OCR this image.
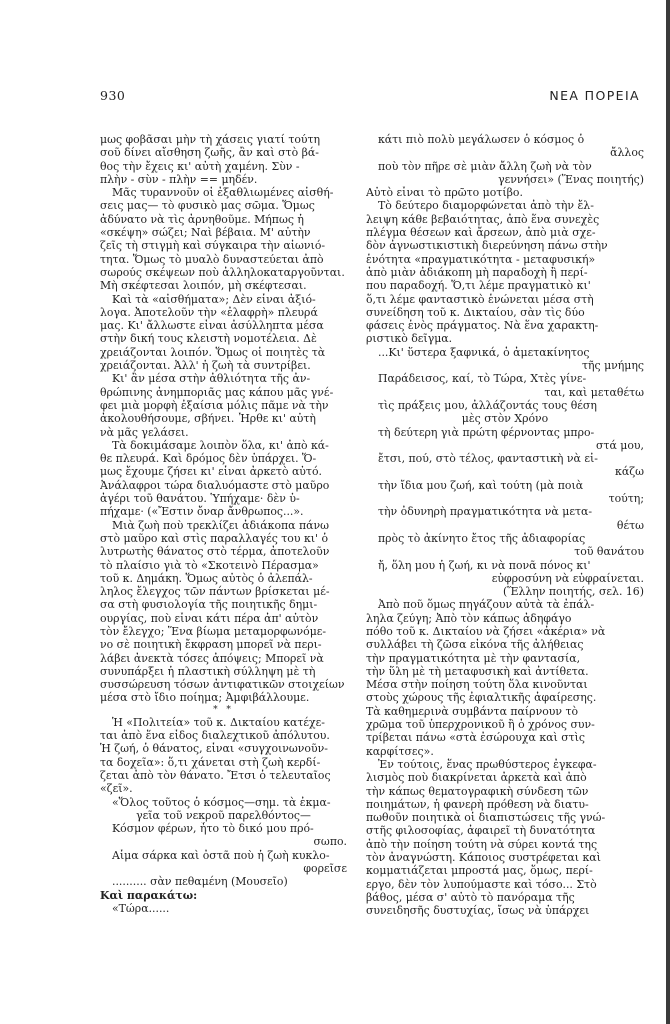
930	ΝΕΑ ΠΟΡΕΙΑ

μως φοβᾶσαι μὴν τὴ χάσεις γιατί τούτη

σοῦ δίνει αἴσθηση ζωῆς, ἂν καὶ στὸ βά-

θος τὴν ἔχεις κι' αὐτὴ χαμένη. Σὺν -

πλὴν - σὺν - πλὴν == μηδέν.

Μᾶς τυραννοῦν οἱ ἐξαθλιωμένες αἰσθή-

σεις μας— τὸ φυσικὸ μας σῶμα. Ὅμως

ἀδύνατο νὰ τὶς ἀρνηθοῦμε. Μήπως ἡ

«σκέψη» σώζει; Ναὶ βέβαια. Μ' αὐτὴν

ζεῖς τὴ στιγμὴ καὶ σύγκαιρα τὴν αἰωνιό-

τητα. Ὅμως τὸ μυαλὸ δυναστεύεται ἀπὸ

σωρούς σκέψεων ποὺ ἀλληλοκαταργοῦνται.

Μὴ σκέφτεσαι λοιπόν, μὴ σκέφτεσαι.

Καὶ τὰ «αἰσθήματα»; Δὲν εἶναι ἀξιό-

λογα. Ἀποτελοῦν τὴν «ἐλαφρὴ» πλευρά

μας. Κι' ἄλλωστε εἶναι ἀσύλληπτα μέσα

στὴν δική τους κλειστὴ νομοτέλεια. Δὲ

χρειάζονται λοιπόν. Ὅμως οἱ ποιητὲς τὰ

χρειάζονται. Ἀλλ' ἡ ζωὴ τὰ συντρίβει.

Κι' ἂν μέσα στὴν ἀθλιότητα τῆς ἀν-

θρώπινης ἀνημποριᾶς μας κάπου μᾶς γνέ-

φει μιὰ μορφὴ ἐξαίσια μόλις πᾶμε νὰ τὴν

ἀκολουθήσουμε, σβήνει. Ἦρθε κι' αὐτὴ

νὰ μᾶς γελάσει.

Τὰ δοκιμάσαμε λοιπὸν ὅλα, κι' ἀπὸ κά-

θε πλευρά. Καὶ δρόμος δὲν ὑπάρχει. Ὅ-

μως ἔχουμε ζήσει κι' εἶναι ἀρκετὸ αὐτό.

Ἀνάλαφροι τώρα διαλυόμαστε στὸ μαῦρο

ἀγέρι τοῦ θανάτου. Ὑπήχαμε· δὲν ὑ-

πήχαμε· («Ἔστιν ὄναρ ἄνθρωπος...».

Μιὰ ζωὴ ποὺ τρεκλίζει ἀδιάκοπα πάνω

στὸ μαῦρο καὶ στὶς παραλλαγές του κι' ὁ

λυτρωτὴς θάνατος στὸ τέρμα, ἀποτελοῦν

τὸ πλαίσιο γιὰ τὸ «Σκοτεινὸ Πέρασμα»

τοῦ κ. Δημάκη. Ὅμως αὐτὸς ὁ ἀλεπάλ-

ληλος ἔλεγχος τῶν πάντων βρίσκεται μέ-

σα στὴ φυσιολογία τῆς ποιητικῆς δημι-

ουργίας, ποὺ εἶναι κάτι πέρα ἀπ' αὐτὸν

τὸν ἔλεγχο; Ἕνα βίωμα μεταμορφωνόμε-

νο σὲ ποιητικὴ ἔκφραση μπορεῖ νὰ περι-

λάβει ἀνεκτὰ τόσες ἀπόψεις; Μπορεῖ νὰ

συνυπάρξει ἡ πλαστικὴ σύλληψη μὲ τὴ

συσσώρευση τόσων ἀντιφατικῶν στοιχείων

μέσα στὸ ἴδιο ποίημα; Ἀμφιβάλλουμε.

* *

Ἡ «Πολιτεία» τοῦ κ. Δικταίου κατέχε-

ται ἀπὸ ἕνα εἶδος διαλεχτικοῦ ἀπόλυτου.

Ἡ ζωή, ὁ θάνατος, εἶναι «συγχοινωνοῦν-

τα δοχεῖα»: ὅ,τι χάνεται στὴ ζωὴ κερδί-

ζεται ἀπὸ τὸν θάνατο. Ἔτσι ὁ τελευταῖος

«ζεῖ».

«Ὅλος τοῦτος ὁ κόσμος—σημ. τὰ ἐκμα-

γεῖα τοῦ νεκροῦ παρελθόντος—

Κόσμον φέρων, ἦτο τὸ δικό μου πρό-

σωπο.

Αἷμα σάρκα καὶ ὀστᾶ ποὺ ἡ ζωὴ κυκλο-

φορεῖσε

.......... σὰν πεθαμένη (Μουσεῖο)

Καὶ παρακάτω:

«Τώρα......

κάτι πιὸ πολὺ μεγάλωσεν ὁ κόσμος ὁ

ἄλλος

ποὺ τὸν πῆρε σὲ μιὰν ἄλλη ζωὴ νὰ τὸν

γεννήσει» (Ἕνας ποιητής)

Αὐτὸ εἶναι τὸ πρῶτο μοτίβο.

Τὸ δεύτερο διαμορφώνεται ἀπὸ τὴν ἔλ-

λειψη κάθε βεβαιότητας, ἀπὸ ἕνα συνεχὲς

πλέγμα θέσεων καὶ ἄρσεων, ἀπὸ μιὰ σχε-

δὸν ἀγνωστικιστικὴ διερεύνηση πάνω στὴν

ἑνότητα «πραγματικότητα - μεταφυσική»

ἀπὸ μιὰν ἀδιάκοπη μὴ παραδοχὴ ἢ περί-

που παραδοχή. Ὅ,τι λέμε πραγματικὸ κι'

ὅ,τι λέμε φανταστικὸ ἑνώνεται μέσα στὴ

συνείδηση τοῦ κ. Δικταίου, σὰν τὶς δύο

φάσεις ἑνὸς πράγματος. Νὰ ἕνα χαρακτη-

ριστικὸ δεῖγμα.

...Κι' ὕστερα ξαφνικά, ὁ ἀμετακίνητος

τῆς μνήμης

Παράδεισος, καί, τὸ Τώρα, Χτὲς γίνε-

ται, καὶ μεταθέτω

τὶς πράξεις μου, ἀλλάζοντάς τους θέση

μὲς στὸν Χρόνο

τὴ δεύτερη γιὰ πρώτη φέρνοντας μπρο-

στά μου,

ἔτσι, πού, στὸ τέλος, φανταστικὴ νὰ εἰ-

κάζω

τὴν ἴδια μου ζωή, καὶ τούτη (μὰ ποιὰ

τούτη;

τὴν ὀδυνηρὴ πραγματικότητα νὰ μετα-

θέτω

πρὸς τὸ ἀκίνητο ἔτος τῆς ἀδιαφορίας

τοῦ θανάτου

ἤ, ὅλη μου ἡ ζωή, κι νὰ πονᾶ πόνος κι'

εὐφροσύνη νὰ εὐφραίνεται.

(Ἕλλην ποιητής, σελ. 16)

Ἀπὸ ποῦ ὅμως πηγάζουν αὐτὰ τὰ ἐπάλ-

ληλα ζεύγη; Ἀπὸ τὸν κάπως ἀδηφάγο

πόθο τοῦ κ. Δικταίου νὰ ζήσει «ἀκέρια» νὰ

συλλάβει τὴ ζῶσα εἰκόνα τῆς ἀλήθειας

τὴν πραγματικότητα μὲ τὴν φαντασία,

τὴν ὕλη μὲ τὴ μεταφυσικὴ καὶ ἀντίθετα.

Μέσα στὴν ποίηση τούτη ὅλα κινοῦνται

στοὺς χώρους τῆς ἐφιαλτικῆς ἀφαίρεσης.

Τὰ καθημερινὰ συμβάντα παίρνουν τὸ

χρῶμα τοῦ ὑπερχρονικοῦ ἢ ὁ χρόνος συν-

τρίβεται πάνω «στὰ ἐσώρουχα καὶ στὶς

καρφίτσες».

Ἐν τούτοις, ἕνας πρωθύστερος ἐγκεφα-

λισμὸς ποὺ διακρίνεται ἀρκετὰ καὶ ἀπὸ

τὴν κάπως θεματογραφικὴ σύνδεση τῶν

ποιημάτων, ἡ φανερὴ πρόθεση νὰ διατυ-

πωθοῦν ποιητικὰ οἱ διαπιστώσεις τῆς γνώ-

στῆς φιλοσοφίας, ἀφαιρεῖ τὴ δυνατότητα

ἀπὸ τὴν ποίηση τούτη νὰ σύρει κοντά της

τὸν ἀναγνώστη. Κάποιος συστρέφεται καὶ

κομματιάζεται μπροστά μας, ὅμως, περί-

εργο, δὲν τὸν λυπούμαστε καὶ τόσο... Στὸ

βάθος, μέσα σ' αὐτὸ τὸ πανόραμα τῆς

συνειδησῆς δυστυχίας, ἴσως νὰ ὑπάρχει
